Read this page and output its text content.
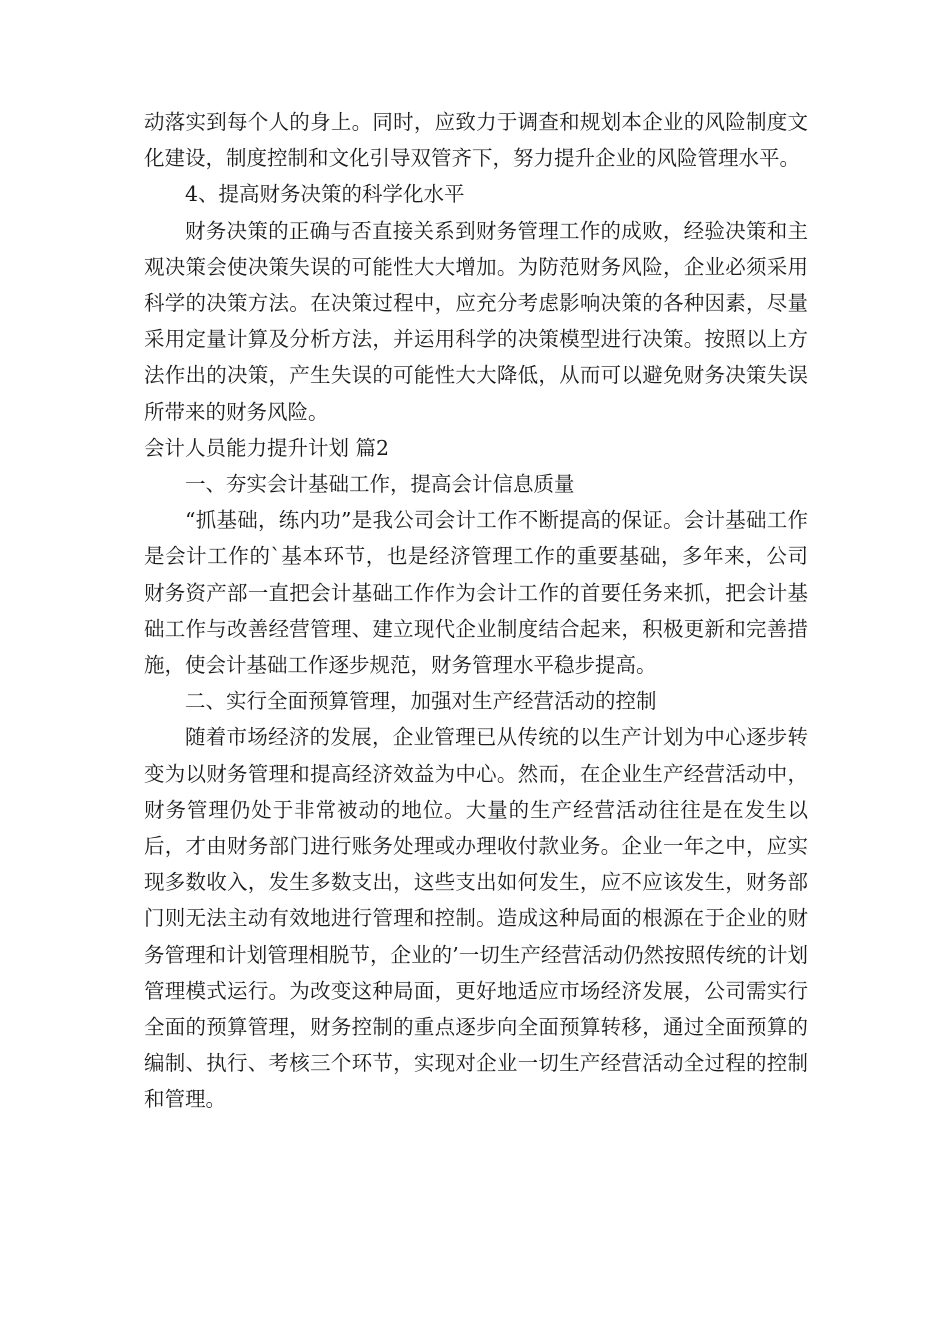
动落实到每个人的身上。同时，应致力于调查和规划本企业的风险制度文化建设，制度控制和文化引导双管齐下，努力提升企业的风险管理水平。

4、提高财务决策的科学化水平

财务决策的正确与否直接关系到财务管理工作的成败，经验决策和主观决策会使决策失误的可能性大大增加。为防范财务风险，企业必须采用科学的决策方法。在决策过程中，应充分考虑影响决策的各种因素，尽量采用定量计算及分析方法，并运用科学的决策模型进行决策。按照以上方法作出的决策，产生失误的可能性大大降低，从而可以避免财务决策失误所带来的财务风险。

会计人员能力提升计划 篇2

一、夯实会计基础工作，提高会计信息质量

“抓基础，练内功”是我公司会计工作不断提高的保证。会计基础工作是会计工作的`基本环节，也是经济管理工作的重要基础，多年来，公司财务资产部一直把会计基础工作作为会计工作的首要任务来抓，把会计基础工作与改善经营管理、建立现代企业制度结合起来，积极更新和完善措施，使会计基础工作逐步规范，财务管理水平稳步提高。

二、实行全面预算管理，加强对生产经营活动的控制

随着市场经济的发展，企业管理已从传统的以生产计划为中心逐步转变为以财务管理和提高经济效益为中心。然而，在企业生产经营活动中，财务管理仍处于非常被动的地位。大量的生产经营活动往往是在发生以后，才由财务部门进行账务处理或办理收付款业务。企业一年之中，应实现多数收入，发生多数支出，这些支出如何发生，应不应该发生，财务部门则无法主动有效地进行管理和控制。造成这种局面的根源在于企业的财务管理和计划管理相脱节，企业的’一切生产经营活动仍然按照传统的计划管理模式运行。为改变这种局面，更好地适应市场经济发展，公司需实行全面的预算管理，财务控制的重点逐步向全面预算转移，通过全面预算的编制、执行、考核三个环节，实现对企业一切生产经营活动全过程的控制和管理。
